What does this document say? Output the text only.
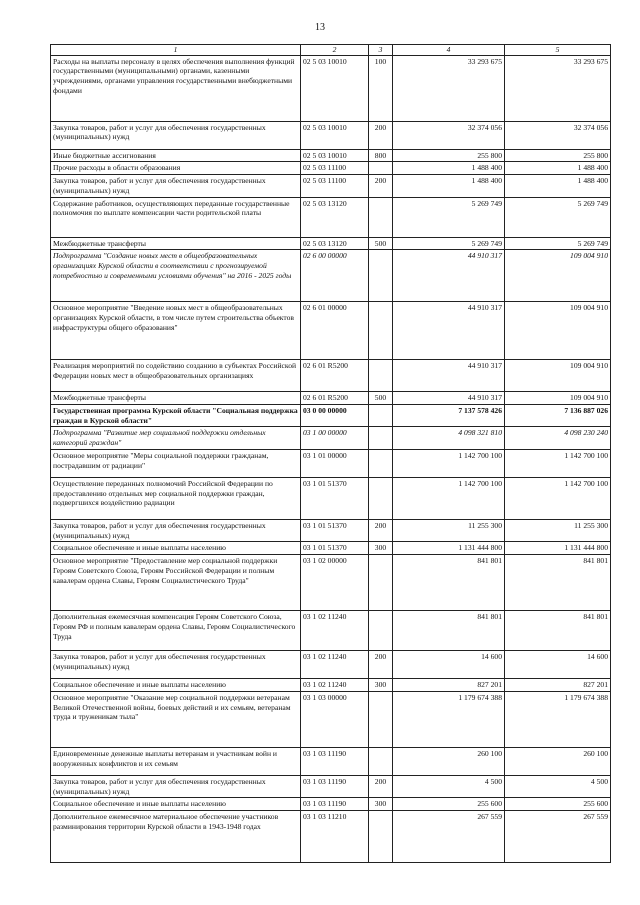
13
1	2	3	4	5
Расходы на выплаты персоналу в целях обеспечения выполнения функций государственными (муниципальными) органами, казенными учреждениями, органами управления государственными внебюджетными фондами	02 5 03 10010	100	33 293 675	33 293 675
Закупка товаров, работ и услуг для обеспечения государственных (муниципальных) нужд	02 5 03 10010	200	32 374 056	32 374 056
Иные бюджетные ассигнования	02 5 03 10010	800	255 800	255 800
Прочие расходы в области образования	02 5 03 11100		1 488 400	1 488 400
Закупка товаров, работ и услуг для обеспечения государственных (муниципальных) нужд	02 5 03 11100	200	1 488 400	1 488 400
Содержание работников, осуществляющих переданные государственные полномочия по выплате компенсации части родительской платы	02 5 03 13120		5 269 749	5 269 749
Межбюджетные трансферты	02 5 03 13120	500	5 269 749	5 269 749
Подпрограмма "Создание новых мест в общеобразовательных организациях Курской области в соответствии с прогнозируемой потребностью и современными условиями обучения" на 2016 - 2025 годы	02 6 00 00000		44 910 317	109 004 910
Основное мероприятие "Введение новых мест в общеобразовательных организациях Курской области, в том числе путем строительства объектов инфраструктуры общего образования"	02 6 01 00000		44 910 317	109 004 910
Реализация мероприятий по содействию созданию в субъектах Российской Федерации новых мест в общеобразовательных организациях	02 6 01 R5200		44 910 317	109 004 910
Межбюджетные трансферты	02 6 01 R5200	500	44 910 317	109 004 910
Государственная программа Курской области "Социальная поддержка граждан в Курской области"	03 0 00 00000		7 137 578 426	7 136 887 026
Подпрограмма "Развитие мер социальной поддержки отдельных категорий граждан"	03 1 00 00000		4 098 321 810	4 098 230 240
Основное мероприятие "Меры социальной поддержки гражданам, пострадавшим от радиации"	03 1 01 00000		1 142 700 100	1 142 700 100
Осуществление переданных полномочий Российской Федерации по предоставлению отдельных мер социальной поддержки граждан, подвергшихся воздействию радиации	03 1 01 51370		1 142 700 100	1 142 700 100
Закупка товаров, работ и услуг для обеспечения государственных (муниципальных) нужд	03 1 01 51370	200	11 255 300	11 255 300
Социальное обеспечение и иные выплаты населению	03 1 01 51370	300	1 131 444 800	1 131 444 800
Основное мероприятие "Предоставление мер социальной поддержки Героям Советского Союза, Героям Российской Федерации и полным кавалерам ордена Славы, Героям Социалистического Труда"	03 1 02 00000		841 801	841 801
Дополнительная ежемесячная компенсация Героям Советского Союза, Героям РФ и полным кавалерам ордена Славы, Героям Социалистического Труда	03 1 02 11240		841 801	841 801
Закупка товаров, работ и услуг для обеспечения государственных (муниципальных) нужд	03 1 02 11240	200	14 600	14 600
Социальное обеспечение и иные выплаты населению	03 1 02 11240	300	827 201	827 201
Основное мероприятие "Оказание мер социальной поддержки ветеранам Великой Отечественной войны, боевых действий и их семьям, ветеранам труда и труженикам тыла"	03 1 03 00000		1 179 674 388	1 179 674 388
Единовременные денежные выплаты ветеранам и участникам войн и вооруженных конфликтов и их семьям	03 1 03 11190		260 100	260 100
Закупка товаров, работ и услуг для обеспечения государственных (муниципальных) нужд	03 1 03 11190	200	4 500	4 500
Социальное обеспечение и иные выплаты населению	03 1 03 11190	300	255 600	255 600
Дополнительное ежемесячное материальное обеспечение участников разминирования территории Курской области в 1943-1948 годах	03 1 03 11210		267 559	267 559
